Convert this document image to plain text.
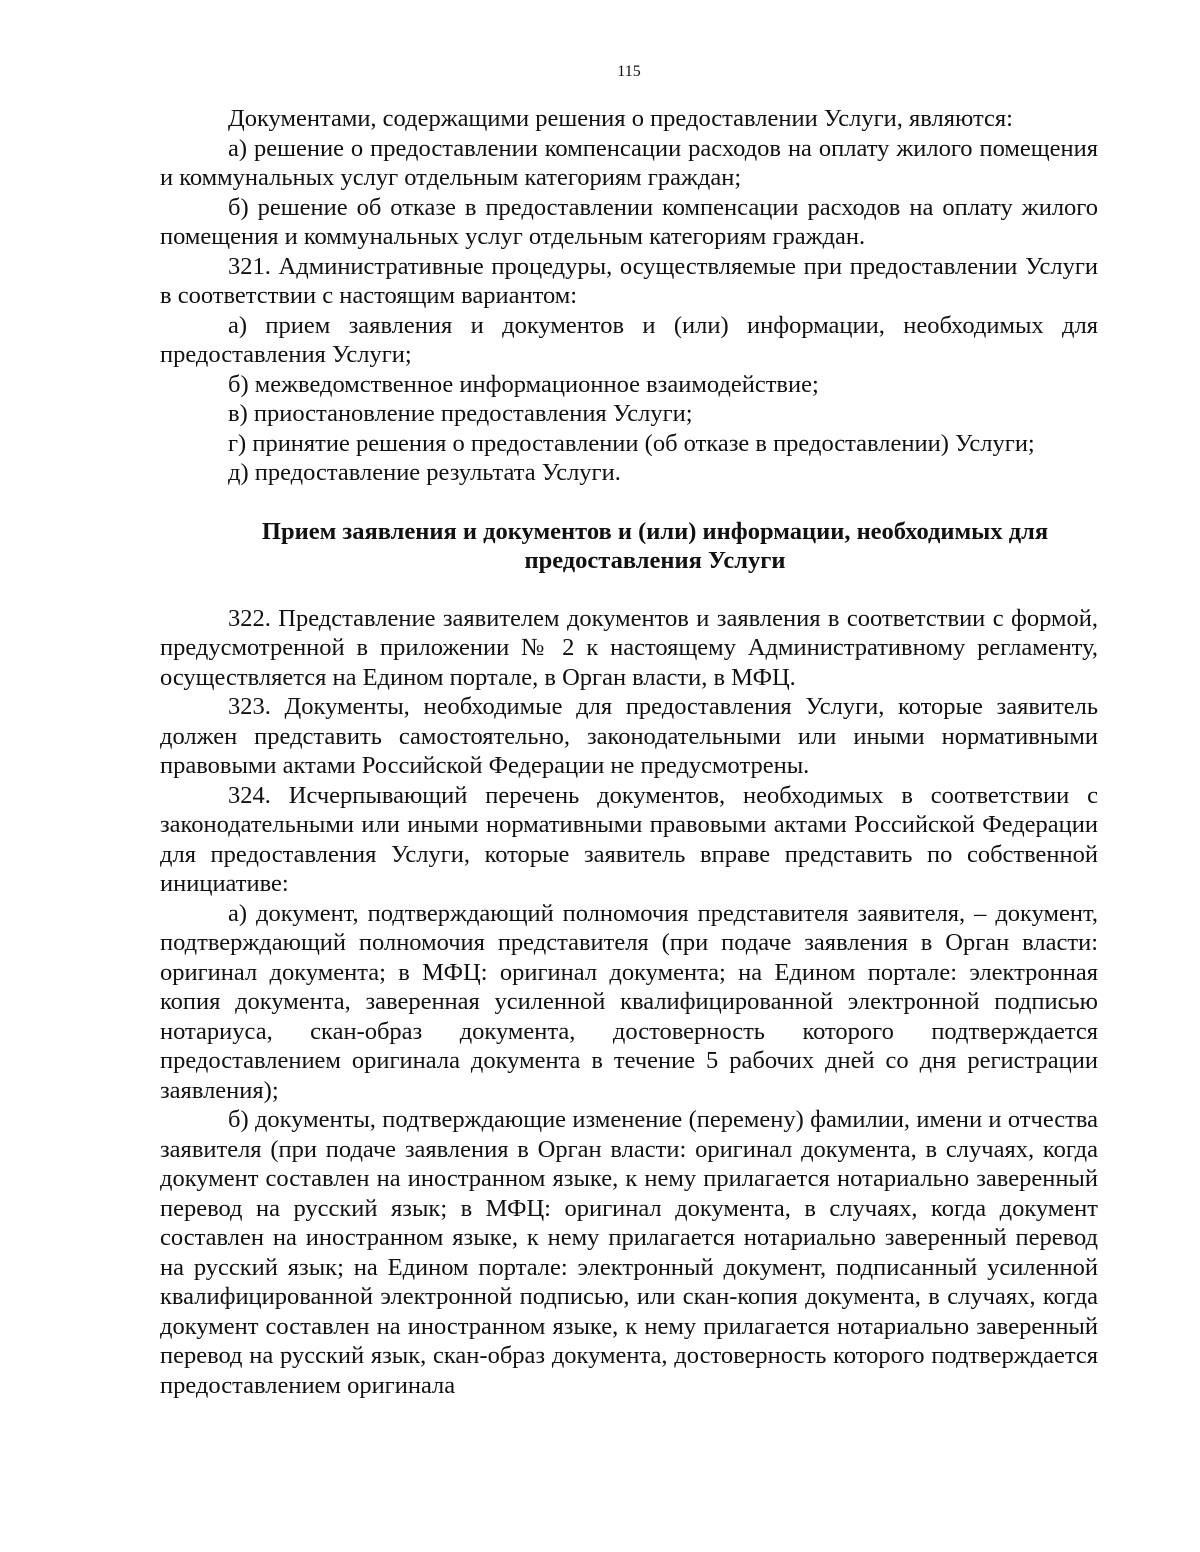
115

Документами, содержащими решения о предоставлении Услуги, являются:

а) решение о предоставлении компенсации расходов на оплату жилого помещения и коммунальных услуг отдельным категориям граждан;

б) решение об отказе в предоставлении компенсации расходов на оплату жилого помещения и коммунальных услуг отдельным категориям граждан.

321. Административные процедуры, осуществляемые при предоставлении Услуги в соответствии с настоящим вариантом:

а) прием заявления и документов и (или) информации, необходимых для предоставления Услуги;

б) межведомственное информационное взаимодействие;

в) приостановление предоставления Услуги;

г) принятие решения о предоставлении (об отказе в предоставлении) Услуги;

д) предоставление результата Услуги.

Прием заявления и документов и (или) информации, необходимых для
предоставления Услуги

322. Представление заявителем документов и заявления в соответствии с формой, предусмотренной в приложении № 2 к настоящему Административному регламенту, осуществляется на Едином портале, в Орган власти, в МФЦ.

323. Документы, необходимые для предоставления Услуги, которые заявитель должен представить самостоятельно, законодательными или иными нормативными правовыми актами Российской Федерации не предусмотрены.

324. Исчерпывающий перечень документов, необходимых в соответствии с законодательными или иными нормативными правовыми актами Российской Федерации для предоставления Услуги, которые заявитель вправе представить по собственной инициативе:

а) документ, подтверждающий полномочия представителя заявителя, – документ, подтверждающий полномочия представителя (при подаче заявления в Орган власти: оригинал документа; в МФЦ: оригинал документа; на Едином портале: электронная копия документа, заверенная усиленной квалифицированной электронной подписью нотариуса, скан-образ документа, достоверность которого подтверждается предоставлением оригинала документа в течение 5 рабочих дней со дня регистрации заявления);

б) документы, подтверждающие изменение (перемену) фамилии, имени и отчества заявителя (при подаче заявления в Орган власти: оригинал документа, в случаях, когда документ составлен на иностранном языке, к нему прилагается нотариально заверенный перевод на русский язык; в МФЦ: оригинал документа, в случаях, когда документ составлен на иностранном языке, к нему прилагается нотариально заверенный перевод на русский язык; на Едином портале: электронный документ, подписанный усиленной квалифицированной электронной подписью, или скан-копия документа, в случаях, когда документ составлен на иностранном языке, к нему прилагается нотариально заверенный перевод на русский язык, скан-образ документа, достоверность которого подтверждается предоставлением оригинала
